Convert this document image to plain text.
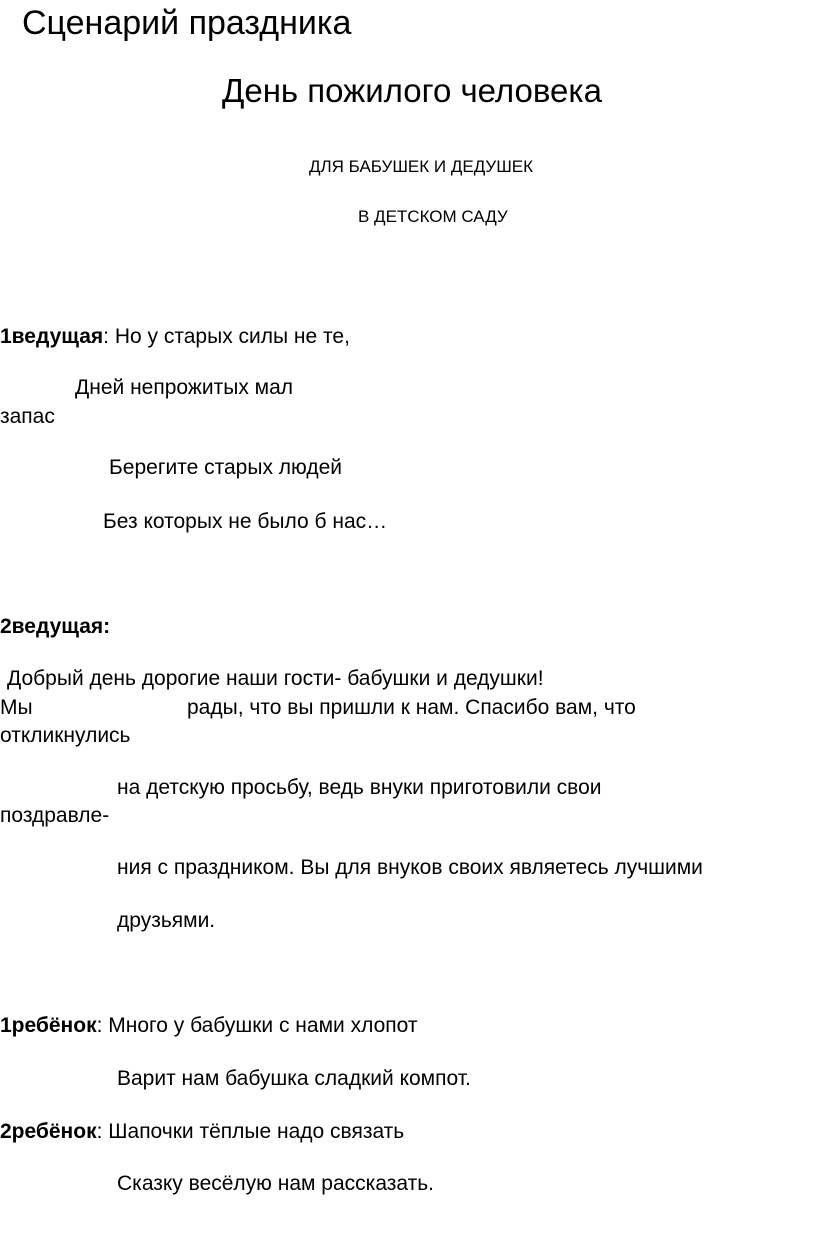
Сценарий праздника
День пожилого человека
ДЛЯ БАБУШЕК И ДЕДУШЕК
В ДЕТСКОМ САДУ
1ведущая: Но у старых силы не те,
Дней непрожитых мал
запас
Берегите старых людей
Без которых не было б нас…
2ведущая:
Добрый день дорогие наши гости- бабушки и дедушки!
Мы	рады, что вы пришли к нам. Спасибо вам, что
откликнулись
на детскую просьбу, ведь внуки приготовили свои
поздравле-
ния с праздником. Вы для внуков своих являетесь лучшими
друзьями.
1ребёнок: Много у бабушки с нами хлопот
Варит нам бабушка сладкий компот.
2ребёнок: Шапочки тёплые надо связать
Сказку весёлую нам рассказать.
